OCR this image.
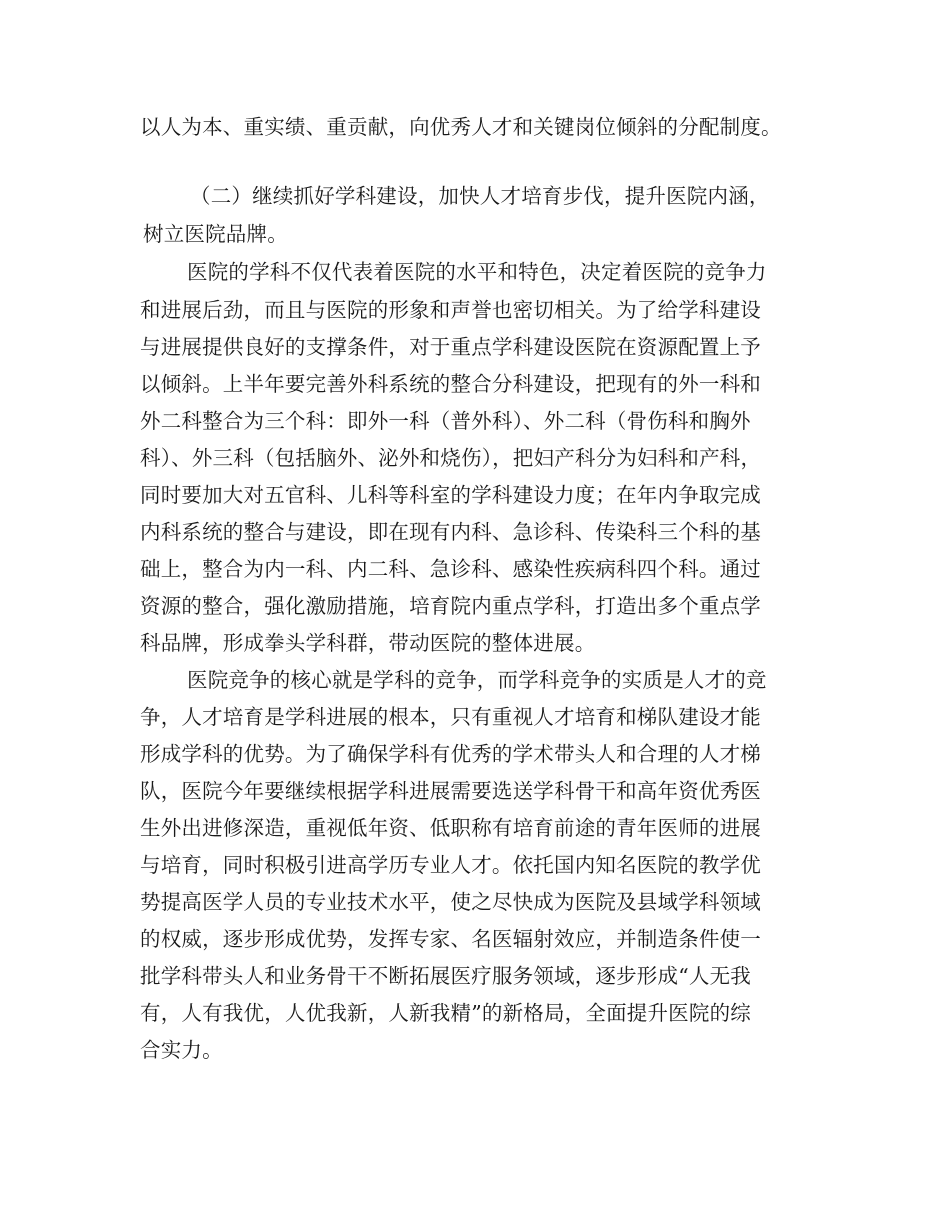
以人为本、重实绩、重贡献，向优秀人才和关键岗位倾斜的分配制度。
（二）继续抓好学科建设，加快人才培育步伐，提升医院内涵，
树立医院品牌。
医院的学科不仅代表着医院的水平和特色，决定着医院的竞争力
和进展后劲，而且与医院的形象和声誉也密切相关。为了给学科建设
与进展提供良好的支撑条件，对于重点学科建设医院在资源配置上予
以倾斜。上半年要完善外科系统的整合分科建设，把现有的外一科和
外二科整合为三个科：即外一科（普外科）、外二科（骨伤科和胸外
科）、外三科（包括脑外、泌外和烧伤），把妇产科分为妇科和产科，
同时要加大对五官科、儿科等科室的学科建设力度；在年内争取完成
内科系统的整合与建设，即在现有内科、急诊科、传染科三个科的基
础上，整合为内一科、内二科、急诊科、感染性疾病科四个科。通过
资源的整合，强化激励措施，培育院内重点学科，打造出多个重点学
科品牌，形成拳头学科群，带动医院的整体进展。
医院竞争的核心就是学科的竞争，而学科竞争的实质是人才的竞
争，人才培育是学科进展的根本，只有重视人才培育和梯队建设才能
形成学科的优势。为了确保学科有优秀的学术带头人和合理的人才梯
队，医院今年要继续根据学科进展需要选送学科骨干和高年资优秀医
生外出进修深造，重视低年资、低职称有培育前途的青年医师的进展
与培育，同时积极引进高学历专业人才。依托国内知名医院的教学优
势提高医学人员的专业技术水平，使之尽快成为医院及县域学科领域
的权威，逐步形成优势，发挥专家、名医辐射效应，并制造条件使一
批学科带头人和业务骨干不断拓展医疗服务领域，逐步形成“人无我
有，人有我优，人优我新，人新我精”的新格局，全面提升医院的综
合实力。
